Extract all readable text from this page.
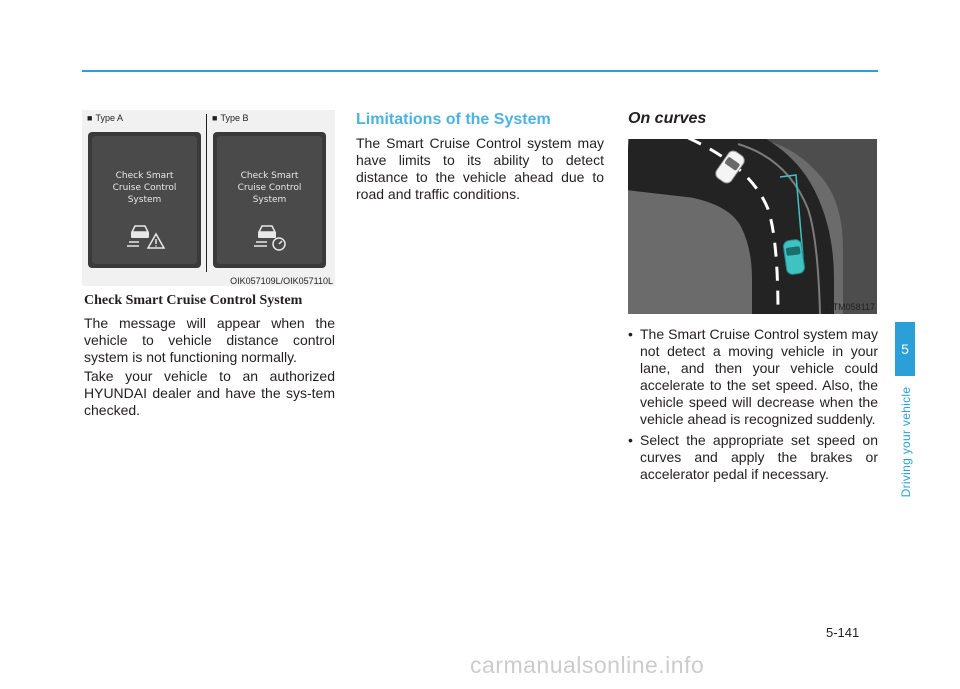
■ Type A	■ Type B
Check Smart
Cruise Control
System
Check Smart
Cruise Control
System
OIK057109L/OIK057110L
Check Smart Cruise Control System
The message will appear when the vehicle to vehicle distance control system is not functioning normally.
Take your vehicle to an authorized HYUNDAI dealer and have the sys-tem checked.
Limitations of the System
The Smart Cruise Control system may have limits to its ability to detect distance to the vehicle ahead due to road and traffic conditions.
On curves
OTM058117
• The Smart Cruise Control system may not detect a moving vehicle in your lane, and then your vehicle could accelerate to the set speed. Also, the vehicle speed will decrease when the vehicle ahead is recognized suddenly.
• Select the appropriate set speed on curves and apply the brakes or accelerator pedal if necessary.
5
Driving your vehicle
5-141
carmanualsonline.info
